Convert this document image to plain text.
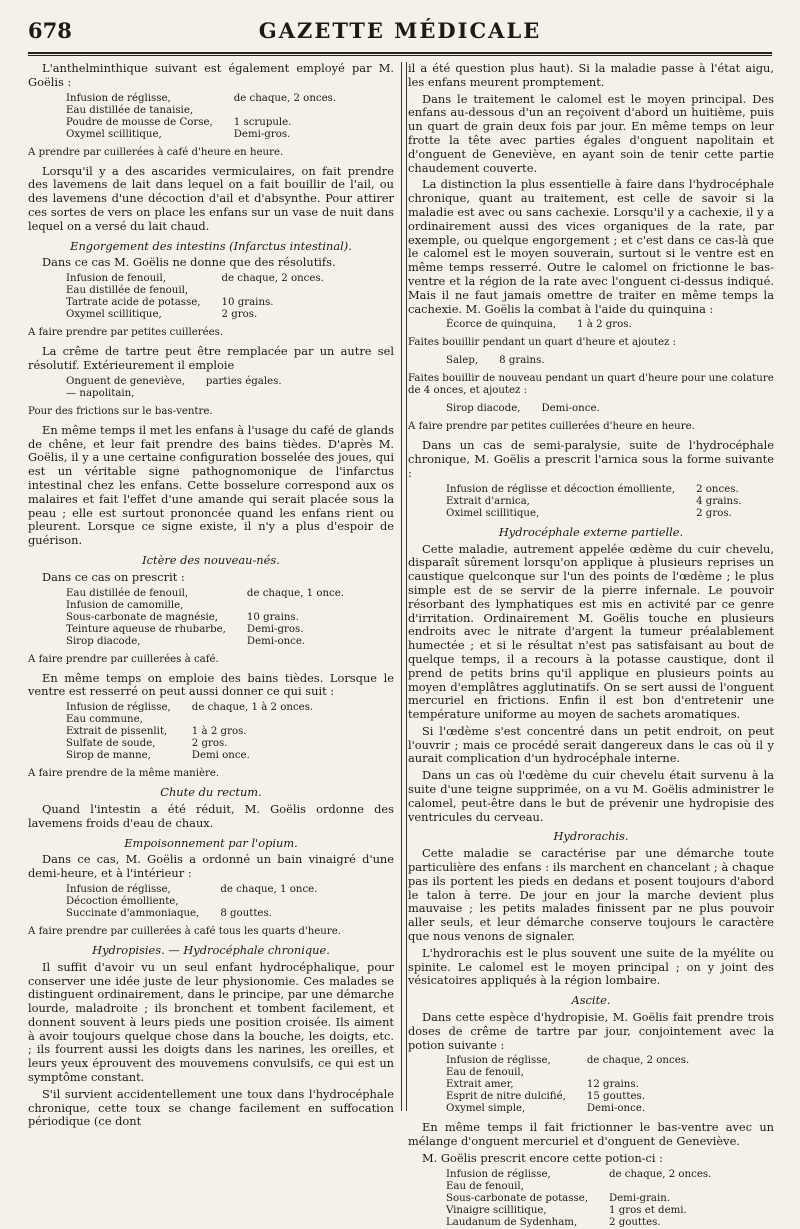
GAZETTE MÉDICALE
678

L'anthelminthique suivant est également employé par M. Goëlis :

Infusion de réglisse,	de chaque, 2 onces.
Eau distillée de tanaisie,	
Poudre de mousse de Corse,	1 scrupule.
Oxymel scillitique,	Demi-gros.
A prendre par cuillerées à café d'heure en heure.

Lorsqu'il y a des ascarides vermiculaires, on fait prendre des lavemens de lait dans lequel on a fait bouillir de l'ail, ou des lavemens d'une décoction d'ail et d'absynthe. Pour attirer ces sortes de vers on place les enfans sur un vase de nuit dans lequel on a versé du lait chaud.

Engorgement des intestins (Infarctus intestinal).

Dans ce cas M. Goëlis ne donne que des résolutifs.

Infusion de fenouil,	de chaque, 2 onces.
Eau distillée de fenouil,	
Tartrate acide de potasse,	10 grains.
Oxymel scillitique,	2 gros.
A faire prendre par petites cuillerées.

La crême de tartre peut être remplacée par un autre sel résolutif. Extérieurement il emploie

Onguent de geneviève,	parties égales.
— napolitain,	
Pour des frictions sur le bas-ventre.

En même temps il met les enfans à l'usage du café de glands de chêne, et leur fait prendre des bains tièdes. D'après M. Goëlis, il y a une certaine configuration bosselée des joues, qui est un véritable signe pathognomonique de l'infarctus intestinal chez les enfans. Cette bosselure correspond aux os malaires et fait l'effet d'une amande qui serait placée sous la peau ; elle est surtout prononcée quand les enfans rient ou pleurent. Lorsque ce signe existe, il n'y a plus d'espoir de guérison.

Ictère des nouveau-nés.

Dans ce cas on prescrit :

Eau distillée de fenouil,	de chaque, 1 once.
Infusion de camomille,	
Sous-carbonate de magnésie,	10 grains.
Teinture aqueuse de rhubarbe,	Demi-gros.
Sirop diacode,	Demi-once.
A faire prendre par cuillerées à café.

En même temps on emploie des bains tièdes. Lorsque le ventre est resserré on peut aussi donner ce qui suit :

Infusion de réglisse,	de chaque, 1 à 2 onces.
Eau commune,	
Extrait de pissenlit,	1 à 2 gros.
Sulfate de soude,	2 gros.
Sirop de manne,	Demi once.
A faire prendre de la même manière.
Chute du rectum.

Quand l'intestin a été réduit, M. Goëlis ordonne des lavemens froids d'eau de chaux.

Empoisonnement par l'opium.

Dans ce cas, M. Goëlis a ordonné un bain vinaigré d'une demi-heure, et à l'intérieur :

Infusion de réglisse,	de chaque, 1 once.
Décoction émolliente,	
Succinate d'ammoniaque,	8 gouttes.
A faire prendre par cuillerées à café tous les quarts d'heure.
Hydropisies. — Hydrocéphale chronique.

Il suffit d'avoir vu un seul enfant hydrocéphalique, pour conserver une idée juste de leur physionomie. Ces malades se distinguent ordinairement, dans le principe, par une démarche lourde, maladroite ; ils bronchent et tombent facilement, et donnent souvent à leurs pieds une position croisée. Ils aiment à avoir toujours quelque chose dans la bouche, les doigts, etc. ; ils fourrent aussi les doigts dans les narines, les oreilles, et leurs yeux éprouvent des mouvemens convulsifs, ce qui est un symptôme constant.

S'il survient accidentellement une toux dans l'hydrocéphale chronique, cette toux se change facilement en suffocation périodique (ce dont

il a été question plus haut). Si la maladie passe à l'état aigu, les enfans meurent promptement.

Dans le traitement le calomel est le moyen principal. Des enfans au-dessous d'un an reçoivent d'abord un huitième, puis un quart de grain deux fois par jour. En même temps on leur frotte la tête avec parties égales d'onguent napolitain et d'onguent de Geneviève, en ayant soin de tenir cette partie chaudement couverte.

La distinction la plus essentielle à faire dans l'hydrocéphale chronique, quant au traitement, est celle de savoir si la maladie est avec ou sans cachexie. Lorsqu'il y a cachexie, il y a ordinairement aussi des vices organiques de la rate, par exemple, ou quelque engorgement ; et c'est dans ce cas-là que le calomel est le moyen souverain, surtout si le ventre est en même temps resserré. Outre le calomel on frictionne le bas-ventre et la région de la rate avec l'onguent ci-dessus indiqué. Mais il ne faut jamais omettre de traiter en même temps la cachexie. M. Goëlis la combat à l'aide du quinquina :

Écorce de quinquina,	1 à 2 gros.
Faites bouillir pendant un quart d'heure et ajoutez :
Salep,	8 grains.
Faites bouillir de nouveau pendant un quart d'heure pour une colature de 4 onces, et ajoutez :
Sirop diacode,	Demi-once.
A faire prendre par petites cuillerées d'heure en heure.

Dans un cas de semi-paralysie, suite de l'hydrocéphale chronique, M. Goëlis a prescrit l'arnica sous la forme suivante :

Infusion de réglisse et décoction émolliente,	2 onces.
Extrait d'arnica,	4 grains.
Oximel scillitique,	2 gros.
Hydrocéphale externe partielle.

Cette maladie, autrement appelée œdème du cuir chevelu, disparaît sûrement lorsqu'on applique à plusieurs reprises un caustique quelconque sur l'un des points de l'œdème ; le plus simple est de se servir de la pierre infernale. Le pouvoir résorbant des lymphatiques est mis en activité par ce genre d'irritation. Ordinairement M. Goëlis touche en plusieurs endroits avec le nitrate d'argent la tumeur préalablement humectée ; et si le résultat n'est pas satisfaisant au bout de quelque temps, il a recours à la potasse caustique, dont il prend de petits brins qu'il applique en plusieurs points au moyen d'emplâtres agglutinatifs. On se sert aussi de l'onguent mercuriel en frictions. Enfin il est bon d'entretenir une température uniforme au moyen de sachets aromatiques.

Si l'œdème s'est concentré dans un petit endroit, on peut l'ouvrir ; mais ce procédé serait dangereux dans le cas où il y aurait complication d'un hydrocéphale interne.

Dans un cas où l'œdème du cuir chevelu était survenu à la suite d'une teigne supprimée, on a vu M. Goëlis administrer le calomel, peut-être dans le but de prévenir une hydropisie des ventricules du cerveau.

Hydrorachis.

Cette maladie se caractérise par une démarche toute particulière des enfans : ils marchent en chancelant ; à chaque pas ils portent les pieds en dedans et posent toujours d'abord le talon à terre. De jour en jour la marche devient plus mauvaise ; les petits malades finissent par ne plus pouvoir aller seuls, et leur démarche conserve toujours le caractère que nous venons de signaler.

L'hydrorachis est le plus souvent une suite de la myélite ou spinite. Le calomel est le moyen principal ; on y joint des vésicatoires appliqués à la région lombaire.

Ascite.

Dans cette espèce d'hydropisie, M. Goëlis fait prendre trois doses de crême de tartre par jour, conjointement avec la potion suivante :

Infusion de réglisse,	de chaque, 2 onces.
Eau de fenouil,	
Extrait amer,	12 grains.
Esprit de nitre dulcifié,	15 gouttes.
Oxymel simple,	Demi-once.

En même temps il fait frictionner le bas-ventre avec un mélange d'onguent mercuriel et d'onguent de Geneviève.

M. Goëlis prescrit encore cette potion-ci :

Infusion de réglisse,	de chaque, 2 onces.
Eau de fenouil,	
Sous-carbonate de potasse,	Demi-grain.
Vinaigre scillitique,	1 gros et demi.
Laudanum de Sydenham,	2 gouttes.
